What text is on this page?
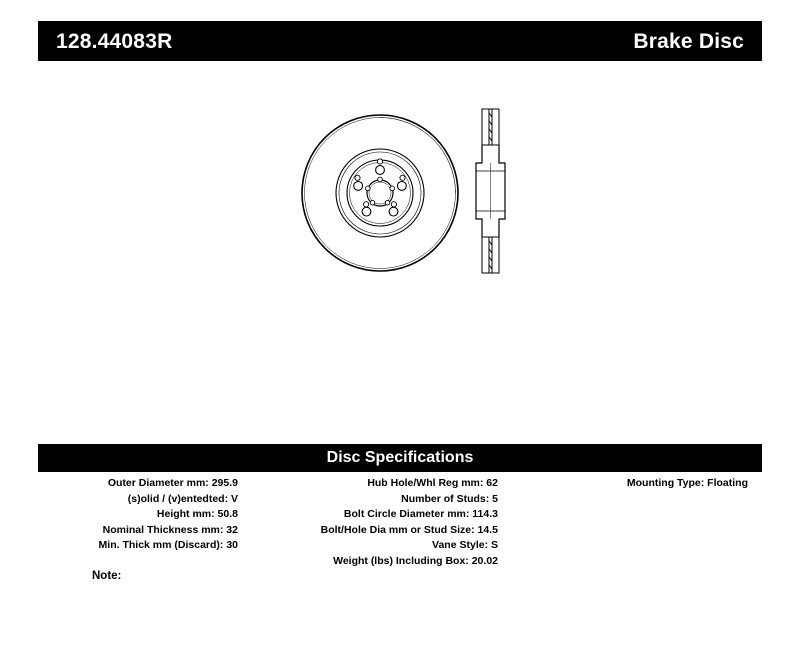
128.44083R	Brake Disc
Disc Specifications
Outer Diameter mm: 295.9
(s)olid / (v)entedted: V
Height mm: 50.8
Nominal Thickness mm: 32
Min. Thick mm (Discard): 30
Hub Hole/Whl Reg mm: 62
Number of Studs: 5
Bolt Circle Diameter mm: 114.3
Bolt/Hole Dia mm or Stud Size: 14.5
Vane Style: S
Weight (lbs) Including Box: 20.02
Mounting Type: Floating
Note:
